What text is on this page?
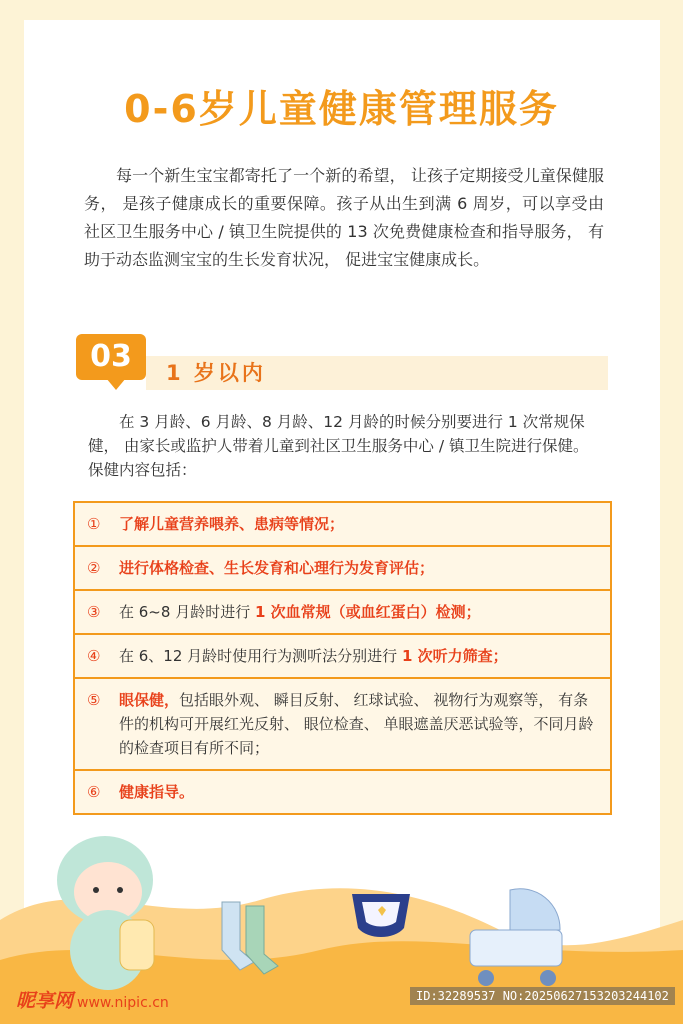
0-6岁儿童健康管理服务
每一个新生宝宝都寄托了一个新的希望， 让孩子定期接受儿童保健服务， 是孩子健康成长的重要保障。孩子从出生到满 6 周岁，可以享受由社区卫生服务中心 / 镇卫生院提供的 13 次免费健康检查和指导服务， 有助于动态监测宝宝的生长发育状况， 促进宝宝健康成长。
03	1 岁以内
在 3 月龄、6 月龄、8 月龄、12 月龄的时候分别要进行 1 次常规保健， 由家长或监护人带着儿童到社区卫生服务中心 / 镇卫生院进行保健。保健内容包括：
① 了解儿童营养喂养、患病等情况；
② 进行体格检查、生长发育和心理行为发育评估；
③ 在 6~8 月龄时进行 1 次血常规（或血红蛋白）检测；
④ 在 6、12 月龄时使用行为测听法分别进行 1 次听力筛查；
⑤ 眼保健，包括眼外观、 瞬目反射、 红球试验、 视物行为观察等， 有条件的机构可开展红光反射、 眼位检查、 单眼遮盖厌恶试验等，不同月龄的检查项目有所不同；
⑥ 健康指导。
昵享网 www.nipic.cn	ID:32289537 NO:20250627153203244102
